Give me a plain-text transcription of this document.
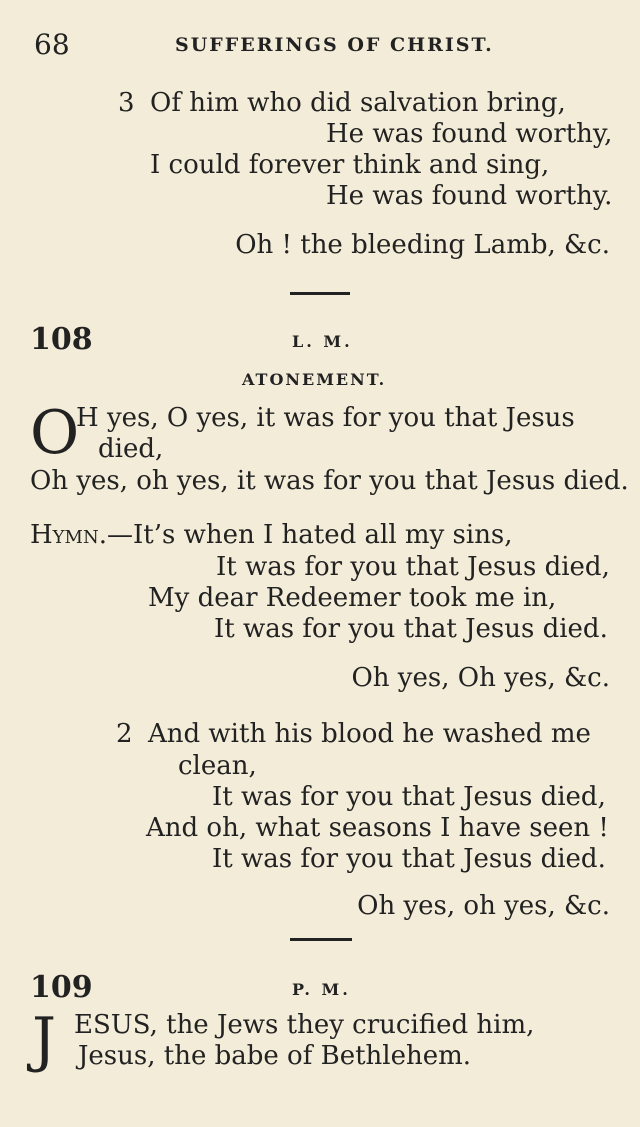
68	SUFFERINGS OF CHRIST.
3 Of him who did salvation bring,
He was found worthy,
I could forever think and sing,
He was found worthy.
Oh ! the bleeding Lamb, &c.
108	L. M.
ATONEMENT.
O
H yes, O yes, it was for you that Jesus
died,
Oh yes, oh yes, it was for you that Jesus died.
Hymn.—It’s when I hated all my sins,
It was for you that Jesus died,
My dear Redeemer took me in,
It was for you that Jesus died.
Oh yes, Oh yes, &c.
2 And with his blood he washed me
clean,
It was for you that Jesus died,
And oh, what seasons I have seen !
It was for you that Jesus died.
Oh yes, oh yes, &c.
109	P. M.
J ESUS, the Jews they crucified him,
Jesus, the babe of Bethlehem.
